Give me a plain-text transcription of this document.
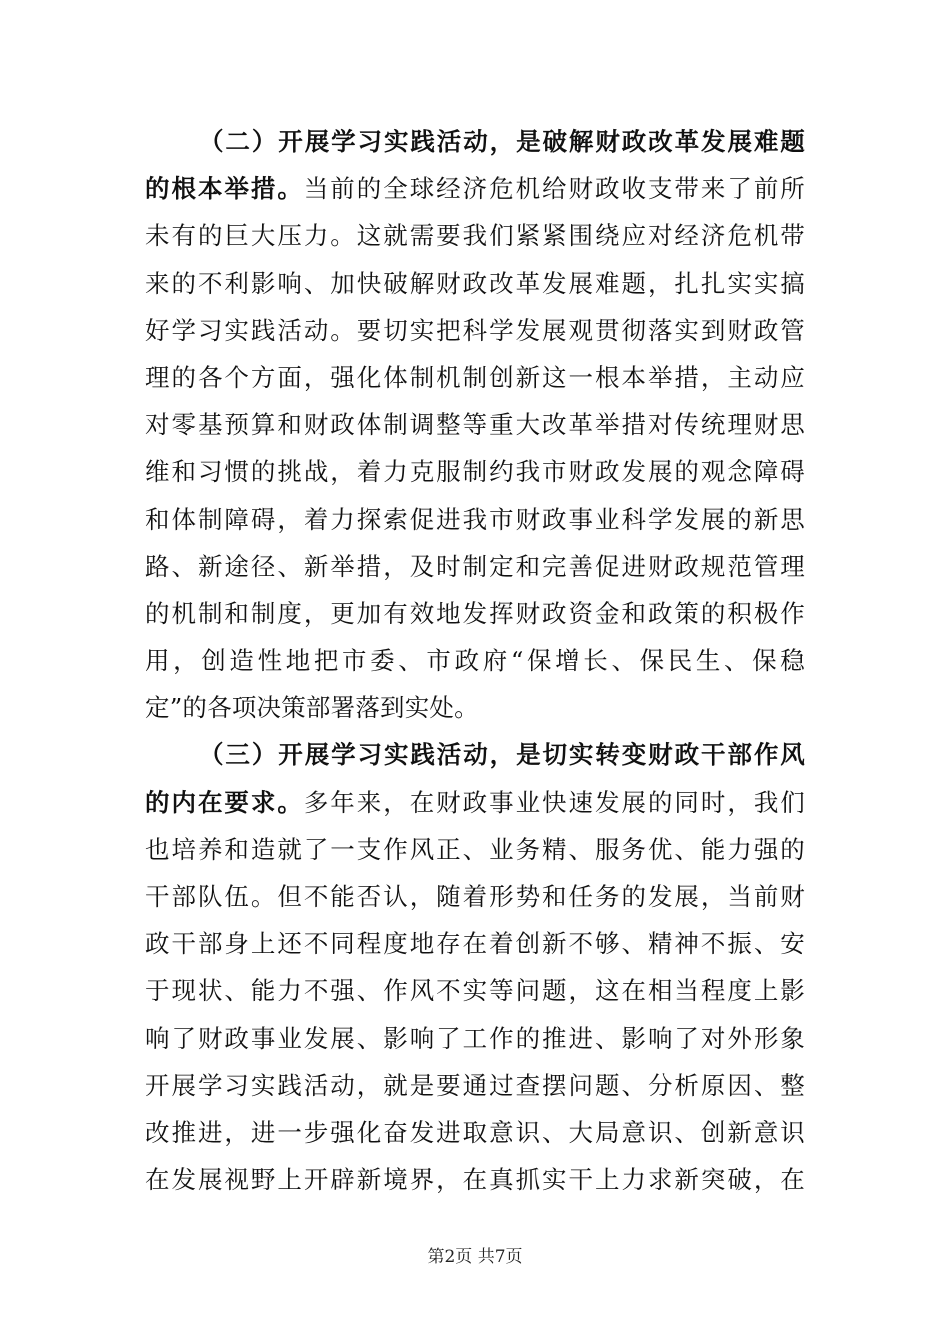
（二）开展学习实践活动，是破解财政改革发展难题
的根本举措。当前的全球经济危机给财政收支带来了前所
未有的巨大压力。这就需要我们紧紧围绕应对经济危机带
来的不利影响、加快破解财政改革发展难题，扎扎实实搞
好学习实践活动。要切实把科学发展观贯彻落实到财政管
理的各个方面，强化体制机制创新这一根本举措，主动应
对零基预算和财政体制调整等重大改革举措对传统理财思
维和习惯的挑战，着力克服制约我市财政发展的观念障碍
和体制障碍，着力探索促进我市财政事业科学发展的新思
路、新途径、新举措，及时制定和完善促进财政规范管理
的机制和制度，更加有效地发挥财政资金和政策的积极作
用，创造性地把市委、市政府“保增长、保民生、保稳
定”的各项决策部署落到实处。
（三）开展学习实践活动，是切实转变财政干部作风
的内在要求。多年来，在财政事业快速发展的同时，我们
也培养和造就了一支作风正、业务精、服务优、能力强的
干部队伍。但不能否认，随着形势和任务的发展，当前财
政干部身上还不同程度地存在着创新不够、精神不振、安
于现状、能力不强、作风不实等问题，这在相当程度上影
响了财政事业发展、影响了工作的推进、影响了对外形象
开展学习实践活动，就是要通过查摆问题、分析原因、整
改推进，进一步强化奋发进取意识、大局意识、创新意识
在发展视野上开辟新境界，在真抓实干上力求新突破，在
第2页 共7页
